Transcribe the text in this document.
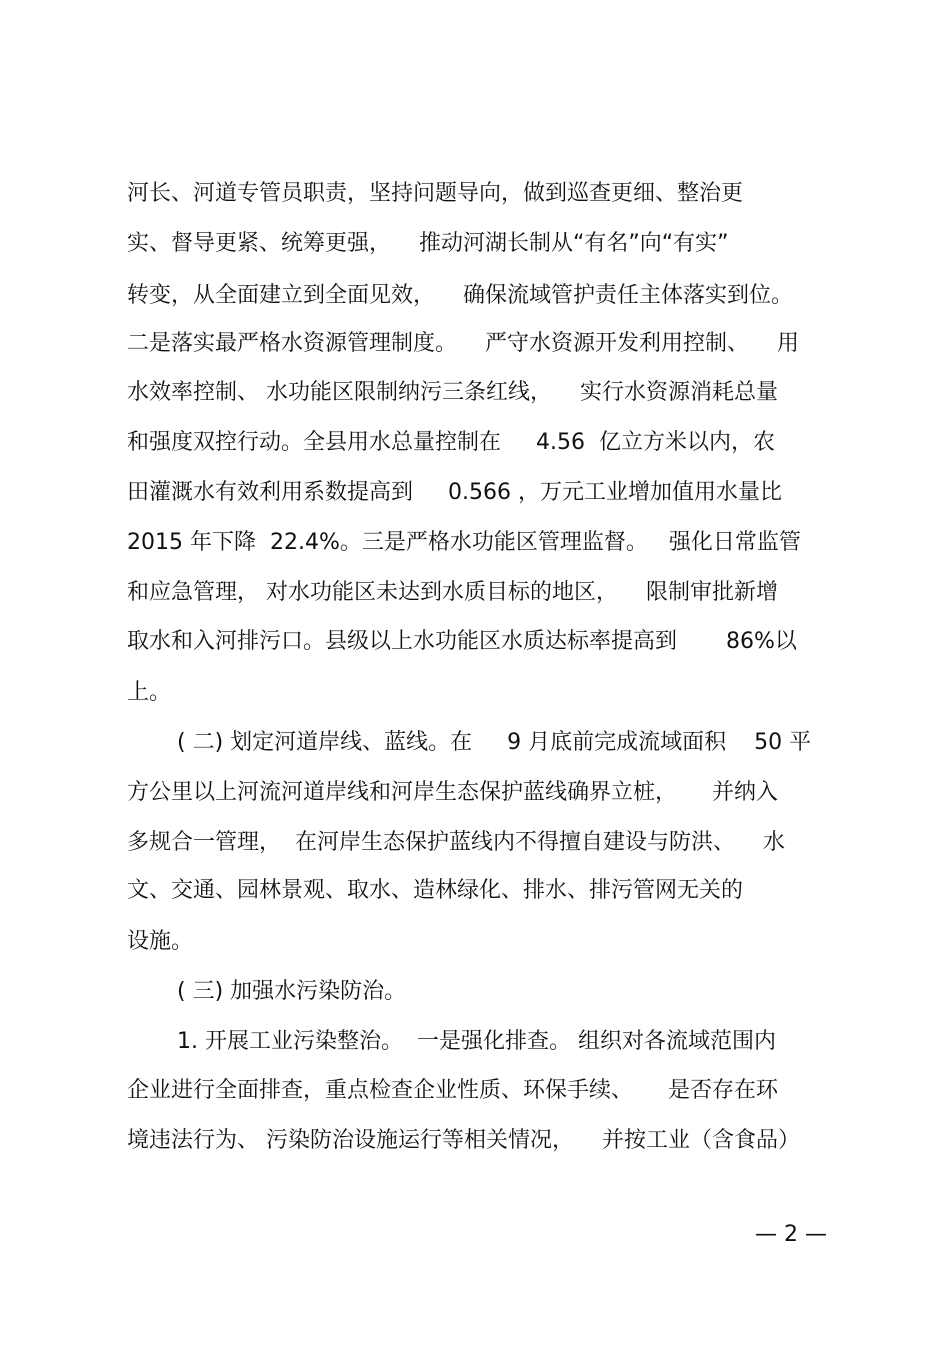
河长、河道专管员职责，坚持问题导向，做到巡查更细、整治更

实、督导更紧、统筹更强，    推动河湖长制从“有名”向“有实”

转变，从全面建立到全面见效，    确保流域管护责任主体落实到位。

二是落实最严格水资源管理制度。    严守水资源开发利用控制、    用

水效率控制、 水功能区限制纳污三条红线，    实行水资源消耗总量

和强度双控行动。全县用水总量控制在     4.56  亿立方米以内，农

田灌溉水有效利用系数提高到     0.566 ，万元工业增加值用水量比

2015 年下降  22.4%。三是严格水功能区管理监督。   强化日常监管

和应急管理， 对水功能区未达到水质目标的地区，    限制审批新增

取水和入河排污口。县级以上水功能区水质达标率提高到       86%以

上。

( 二) 划定河道岸线、蓝线。在     9 月底前完成流域面积    50 平

方公里以上河流河道岸线和河岸生态保护蓝线确界立桩，     并纳入

多规合一管理，  在河岸生态保护蓝线内不得擅自建设与防洪、    水

文、交通、园林景观、取水、造林绿化、排水、排污管网无关的

设施。

( 三) 加强水污染防治。

1. 开展工业污染整治。  一是强化排查。 组织对各流域范围内

企业进行全面排查，重点检查企业性质、环保手续、     是否存在环

境违法行为、 污染防治设施运行等相关情况，    并按工业（含食品）

— 2 —
